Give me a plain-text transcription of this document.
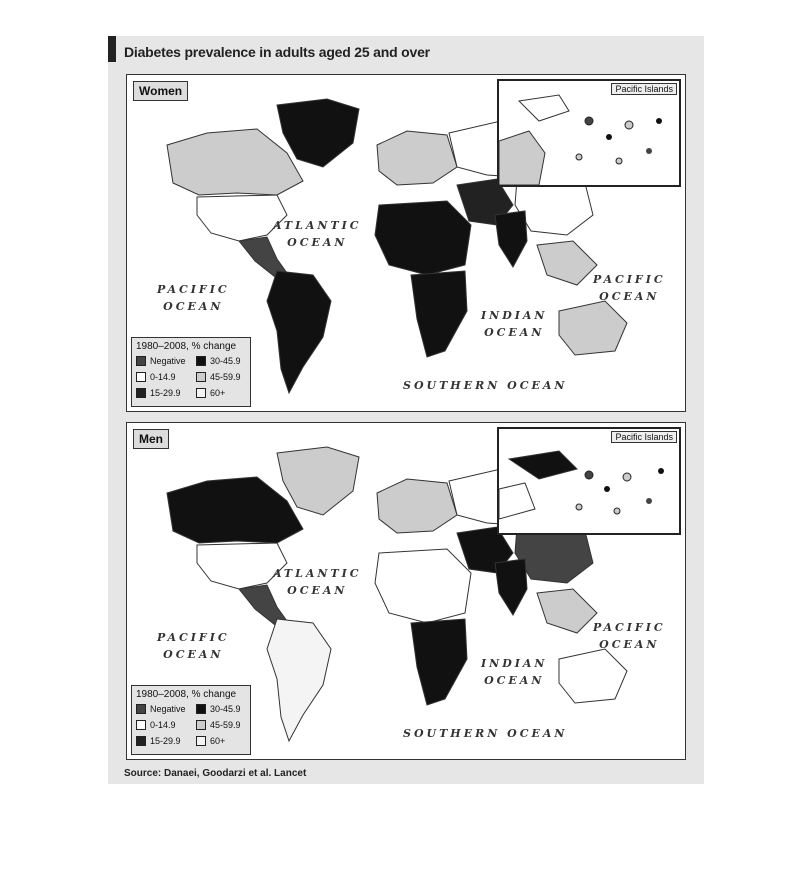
Diabetes prevalence in adults aged 25 and over
Women	Pacific Islands
ATLANTIC
OCEAN
PACIFIC
OCEAN
PACIFIC
OCEAN
INDIAN
OCEAN
SOUTHERN OCEAN
1980–2008, % change
Negative	30-45.9
0-14.9	45-59.9
15-29.9	60+
Men	Pacific Islands
ATLANTIC
OCEAN
PACIFIC
OCEAN
PACIFIC
OCEAN
INDIAN
OCEAN
SOUTHERN OCEAN
1980–2008, % change
Negative	30-45.9
0-14.9	45-59.9
15-29.9	60+
Source: Danaei, Goodarzi et al. Lancet
